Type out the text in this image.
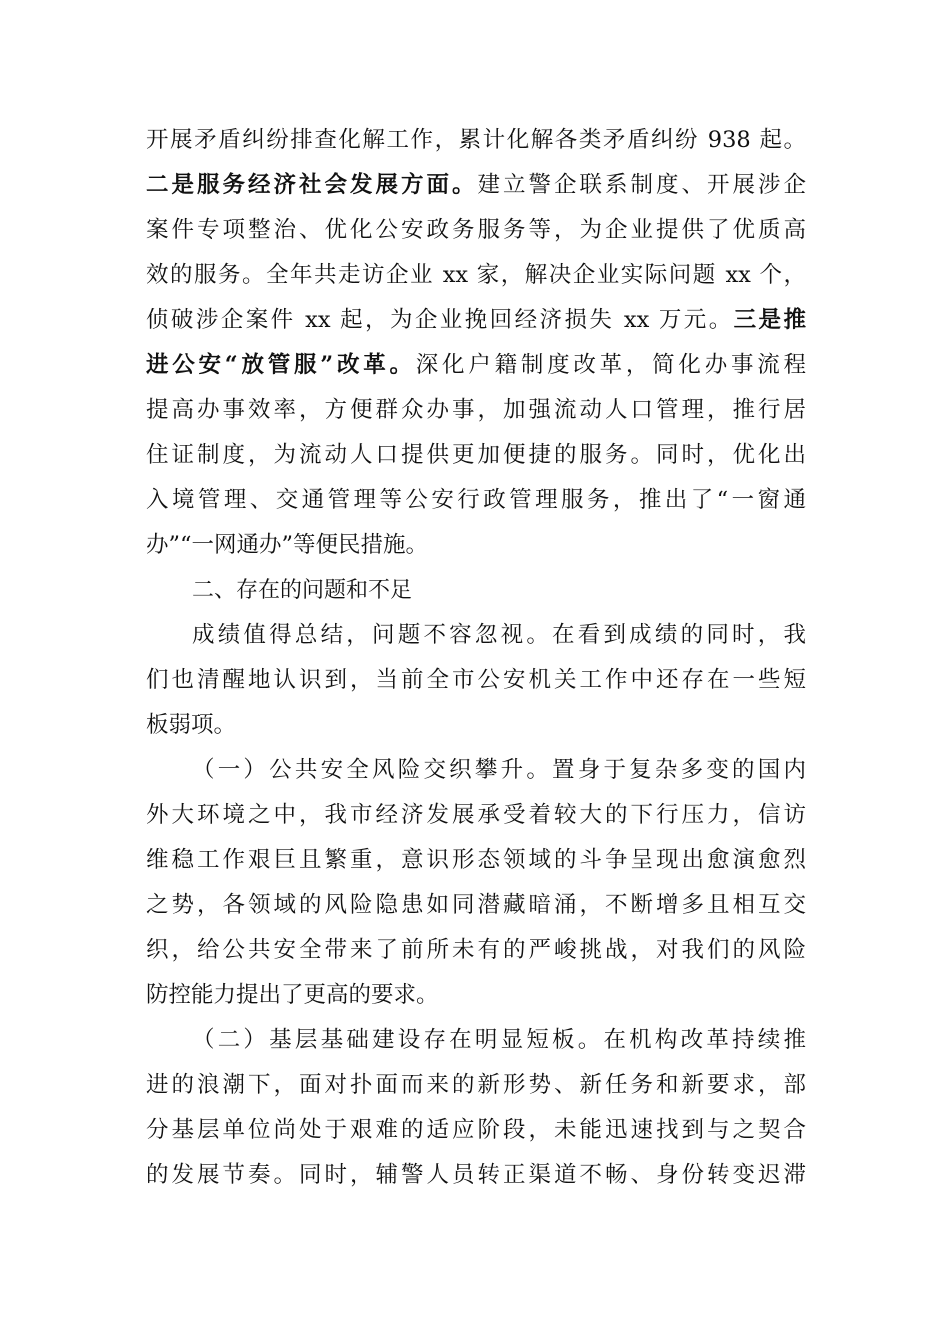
开展矛盾纠纷排查化解工作，累计化解各类矛盾纠纷 938 起。
二是服务经济社会发展方面。建立警企联系制度、开展涉企
案件专项整治、优化公安政务服务等，为企业提供了优质高
效的服务。全年共走访企业 xx 家，解决企业实际问题 xx 个，
侦破涉企案件 xx 起，为企业挽回经济损失 xx 万元。三是推
进公安“放管服”改革。深化户籍制度改革，简化办事流程
提高办事效率，方便群众办事，加强流动人口管理，推行居
住证制度，为流动人口提供更加便捷的服务。同时，优化出
入境管理、交通管理等公安行政管理服务，推出了“一窗通
办”“一网通办”等便民措施。
二、存在的问题和不足
成绩值得总结，问题不容忽视。在看到成绩的同时，我
们也清醒地认识到，当前全市公安机关工作中还存在一些短
板弱项。
（一）公共安全风险交织攀升。置身于复杂多变的国内
外大环境之中，我市经济发展承受着较大的下行压力，信访
维稳工作艰巨且繁重，意识形态领域的斗争呈现出愈演愈烈
之势，各领域的风险隐患如同潜藏暗涌，不断增多且相互交
织，给公共安全带来了前所未有的严峻挑战，对我们的风险
防控能力提出了更高的要求。
（二）基层基础建设存在明显短板。在机构改革持续推
进的浪潮下，面对扑面而来的新形势、新任务和新要求，部
分基层单位尚处于艰难的适应阶段，未能迅速找到与之契合
的发展节奏。同时，辅警人员转正渠道不畅、身份转变迟滞
